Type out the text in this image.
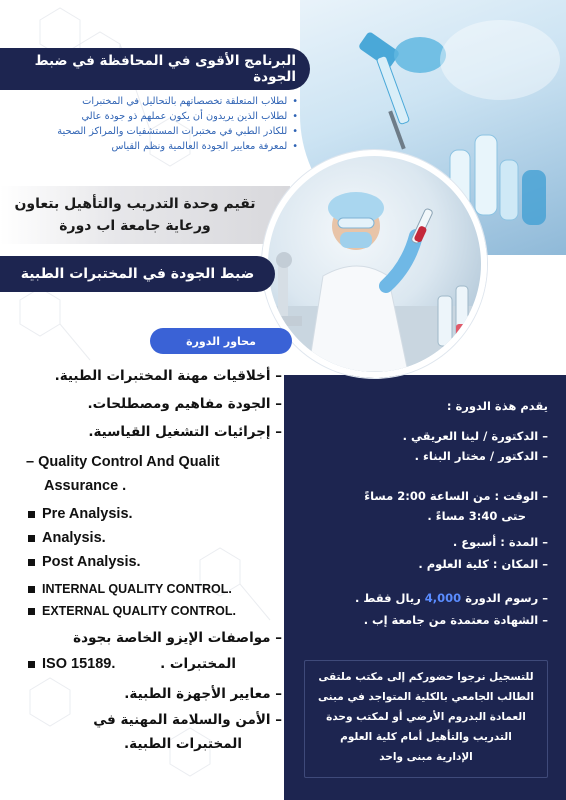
البرنامج الأقوى في المحافظة في ضبط الجودة
• لطلاب المتعلقة تخصصاتهم بالتحاليل في المختبرات
• لطلاب الذين يريدون أن يكون عملهم ذو جودة عالي
• للكادر الطبي في مختبرات المستشفيات والمراكز الصحية
• لمعرفة معايير الجودة العالمية ونظم القياس
تقيم وحدة التدريب والتأهيل بتعاون
ورعاية جامعة اب دورة
يقدم هذة الدورة :
– الدكتورة / لينا العريقي .
– الدكتور / مختار البناء .
– الوقت : من الساعة 2:00 مساءً
حتى 3:40 مساءً .
– المدة : أسبوع .
– المكان : كلية العلوم .
– رسوم الدورة 4,000 ريال فقط .
– الشهادة معتمدة من جامعة إب .
للتسجيل نرجوا حضوركم إلى مكتب ملتقى
الطالب الجامعي بالكلية المتواجد في مبنى
العمادة البدروم الأرضي أو لمكتب وحدة
التدريب والتأهيل أمام كلية العلوم
الإدارية مبنى واحد
ضبط الجودة في المختبرات الطبية
محاور الدورة
– أخلاقيات مهنة المختبرات الطبية.
– الجودة مفاهيم ومصطلحات.
– إجرائيات التشغيل القياسية.
– Quality Control And Qualit
Assurance .
Pre Analysis.
Analysis.
Post Analysis.
INTERNAL QUALITY CONTROL.
EXTERNAL QUALITY CONTROL.
– مواصفات الإيزو الخاصة بجودة
المختبرات .
ISO 15189.
– معايير الأجهزة الطبية.
– الأمن والسلامة المهنية في
المختبرات الطبية.
